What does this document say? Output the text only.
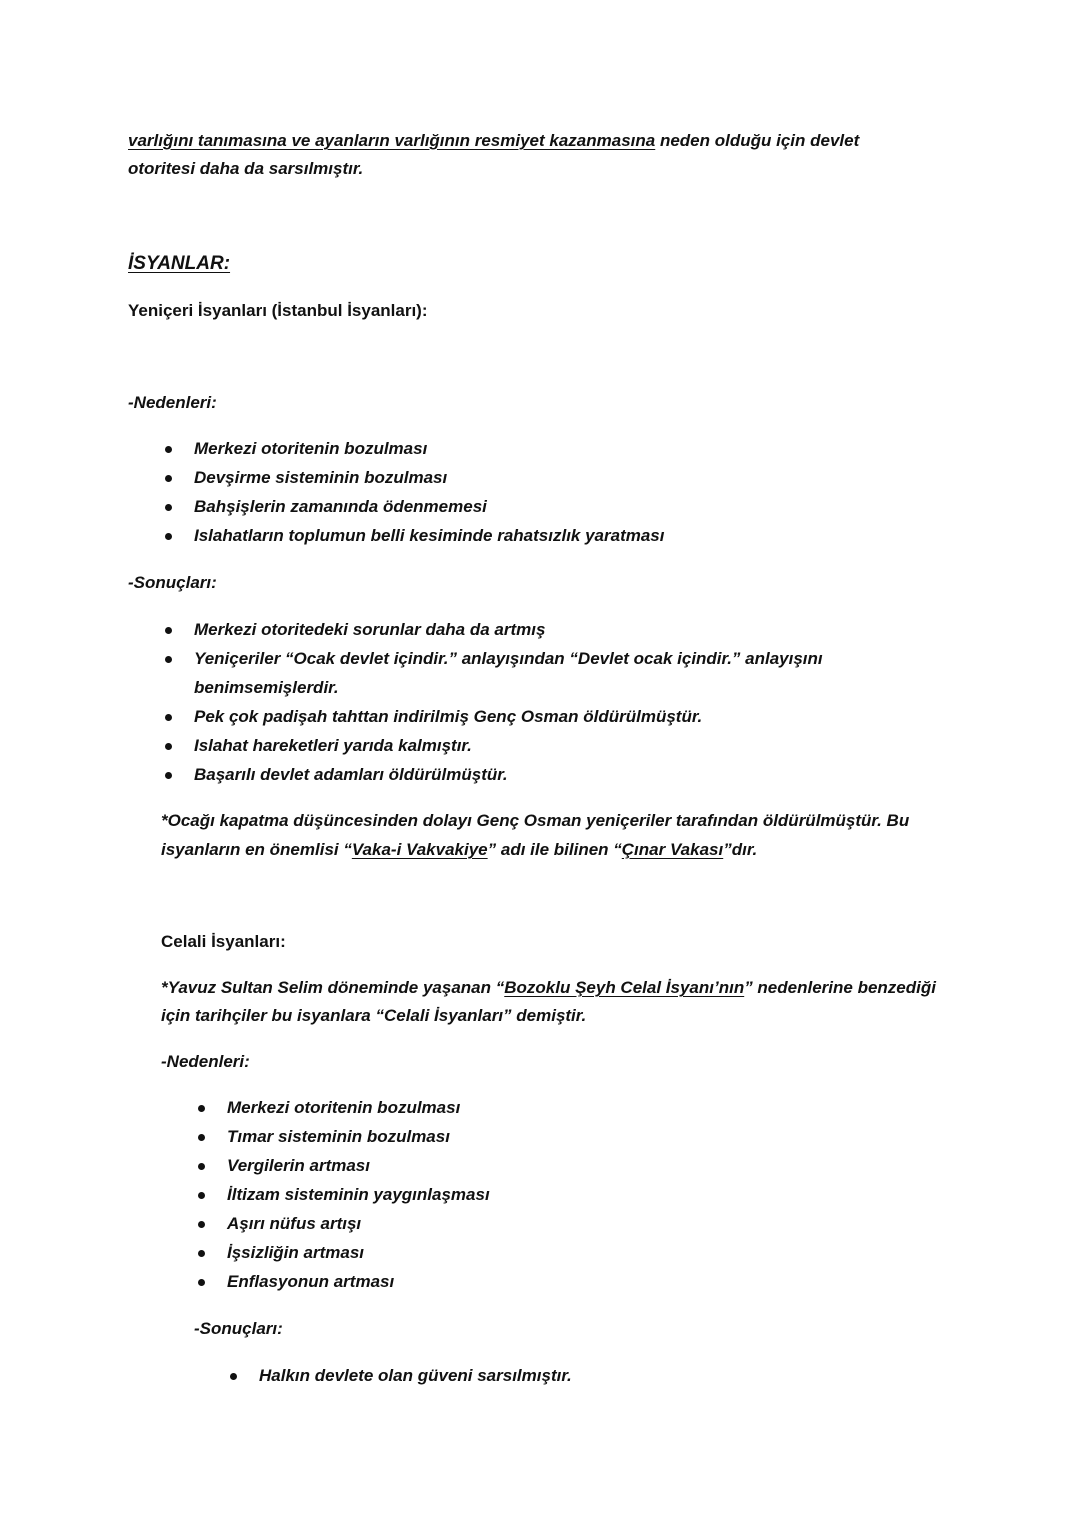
varlığını tanımasına ve ayanların varlığının resmiyet kazanmasına neden olduğu için devlet
otoritesi daha da sarsılmıştır.
İSYANLAR:
Yeniçeri İsyanları (İstanbul İsyanları):
-Nedenleri:
Merkezi otoritenin bozulması
Devşirme sisteminin bozulması
Bahşişlerin zamanında ödenmemesi
Islahatların toplumun belli kesiminde rahatsızlık yaratması
-Sonuçları:
Merkezi otoritedeki sorunlar daha da artmış
Yeniçeriler “Ocak devlet içindir.” anlayışından “Devlet ocak içindir.” anlayışını
benimsemişlerdir.
Pek çok padişah tahttan indirilmiş Genç Osman öldürülmüştür.
Islahat hareketleri yarıda kalmıştır.
Başarılı devlet adamları öldürülmüştür.
*Ocağı kapatma düşüncesinden dolayı Genç Osman yeniçeriler tarafından öldürülmüştür. Bu
isyanların en önemlisi “Vaka-i Vakvakiye” adı ile bilinen “Çınar Vakası”dır.
Celali İsyanları:
*Yavuz Sultan Selim döneminde yaşanan “Bozoklu Şeyh Celal İsyanı’nın” nedenlerine benzediği
için tarihçiler bu isyanlara “Celali İsyanları” demiştir.
-Nedenleri:
Merkezi otoritenin bozulması
Tımar sisteminin bozulması
Vergilerin artması
İltizam sisteminin yaygınlaşması
Aşırı nüfus artışı
İşsizliğin artması
Enflasyonun artması
-Sonuçları:
Halkın devlete olan güveni sarsılmıştır.
